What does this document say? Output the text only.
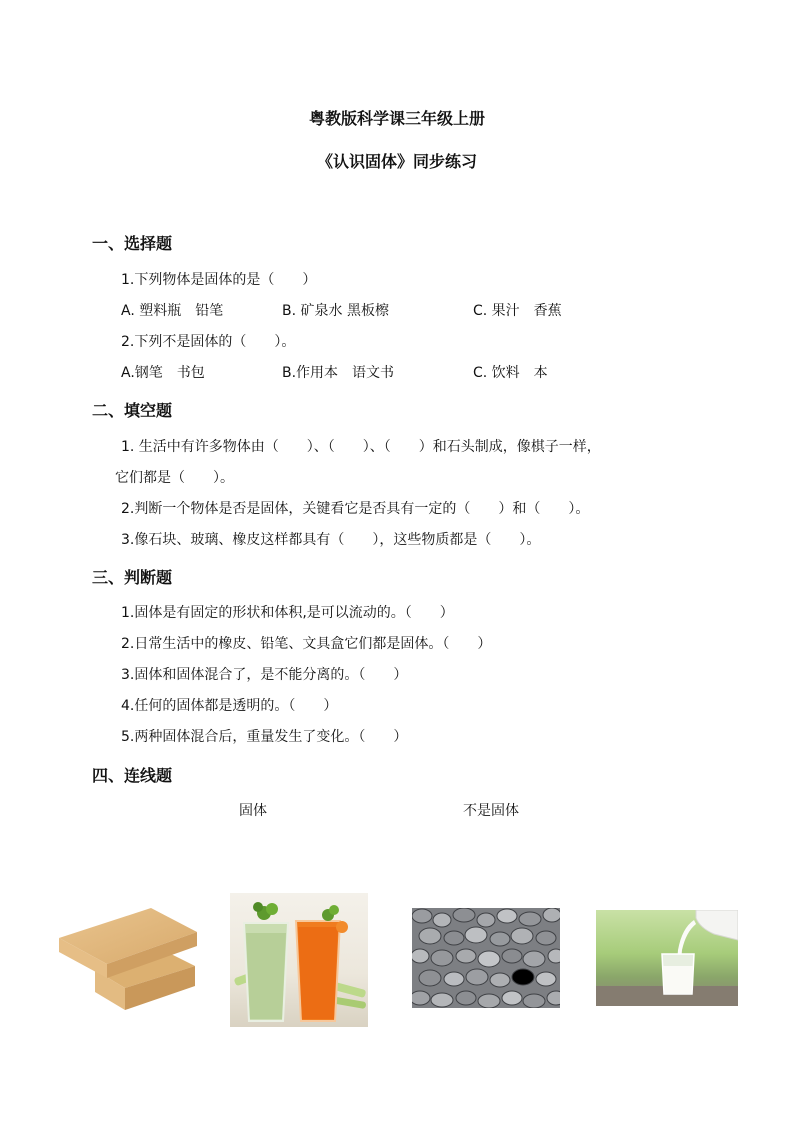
粤教版科学课三年级上册
《认识固体》同步练习
一、选择题
1.下列物体是固体的是（　　）
A. 塑料瓶　铅笔	B. 矿泉水 黑板檫	C. 果汁　香蕉
2.下列不是固体的（　　）。
A.钢笔　书包	B.作用本　语文书	C. 饮料　本
二、填空题
1. 生活中有许多物体由（　　）、（　　）、（　　）和石头制成，像棋子一样，
它们都是（　　）。
2.判断一个物体是否是固体，关键看它是否具有一定的（　　）和（　　）。
3.像石块、玻璃、橡皮这样都具有（　　），这些物质都是（　　）。
三、判断题
1.固体是有固定的形状和体积,是可以流动的。（　　）
2.日常生活中的橡皮、铅笔、文具盒它们都是固体。（　　）
3.固体和固体混合了，是不能分离的。（　　）
4.任何的固体都是透明的。（　　）
5.两种固体混合后，重量发生了变化。（　　）
四、连线题
固体	不是固体
